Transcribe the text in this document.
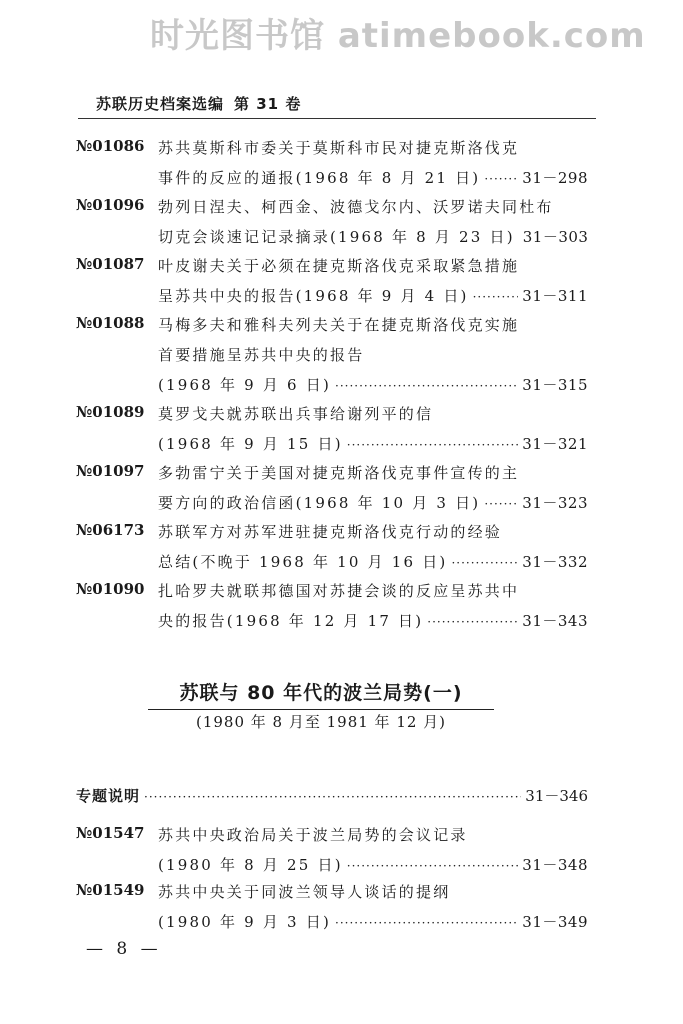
时光图书馆 atimebook.com
苏联历史档案选编 第 31 卷
№01086 苏共莫斯科市委关于莫斯科市民对捷克斯洛伐克
事件的反应的通报(1968 年 8 月 21 日) ·····	31－298
№01096 勃列日涅夫、柯西金、波德戈尔内、沃罗诺夫同杜布
切克会谈速记记录摘录(1968 年 8 月 23 日) 31－303
№01087 叶皮谢夫关于必须在捷克斯洛伐克采取紧急措施
呈苏共中央的报告(1968 年 9 月 4 日) ·····	31－311
№01088 马梅多夫和雅科夫列夫关于在捷克斯洛伐克实施
首要措施呈苏共中央的报告
(1968 年 9 月 6 日) ·····	31－315
№01089 莫罗戈夫就苏联出兵事给谢列平的信
(1968 年 9 月 15 日) ·····	31－321
№01097 多勃雷宁关于美国对捷克斯洛伐克事件宣传的主
要方向的政治信函(1968 年 10 月 3 日) ·····	31－323
№06173 苏联军方对苏军进驻捷克斯洛伐克行动的经验
总结(不晚于 1968 年 10 月 16 日) ·····	31－332
№01090 扎哈罗夫就联邦德国对苏捷会谈的反应呈苏共中
央的报告(1968 年 12 月 17 日) ·····	31－343
苏联与 80 年代的波兰局势(一)
(1980 年 8 月至 1981 年 12 月)
专题说明 ·····	31－346
№01547 苏共中央政治局关于波兰局势的会议记录
(1980 年 8 月 25 日) ·····	31－348
№01549 苏共中央关于同波兰领导人谈话的提纲
(1980 年 9 月 3 日) ·····	31－349
— 8 —
